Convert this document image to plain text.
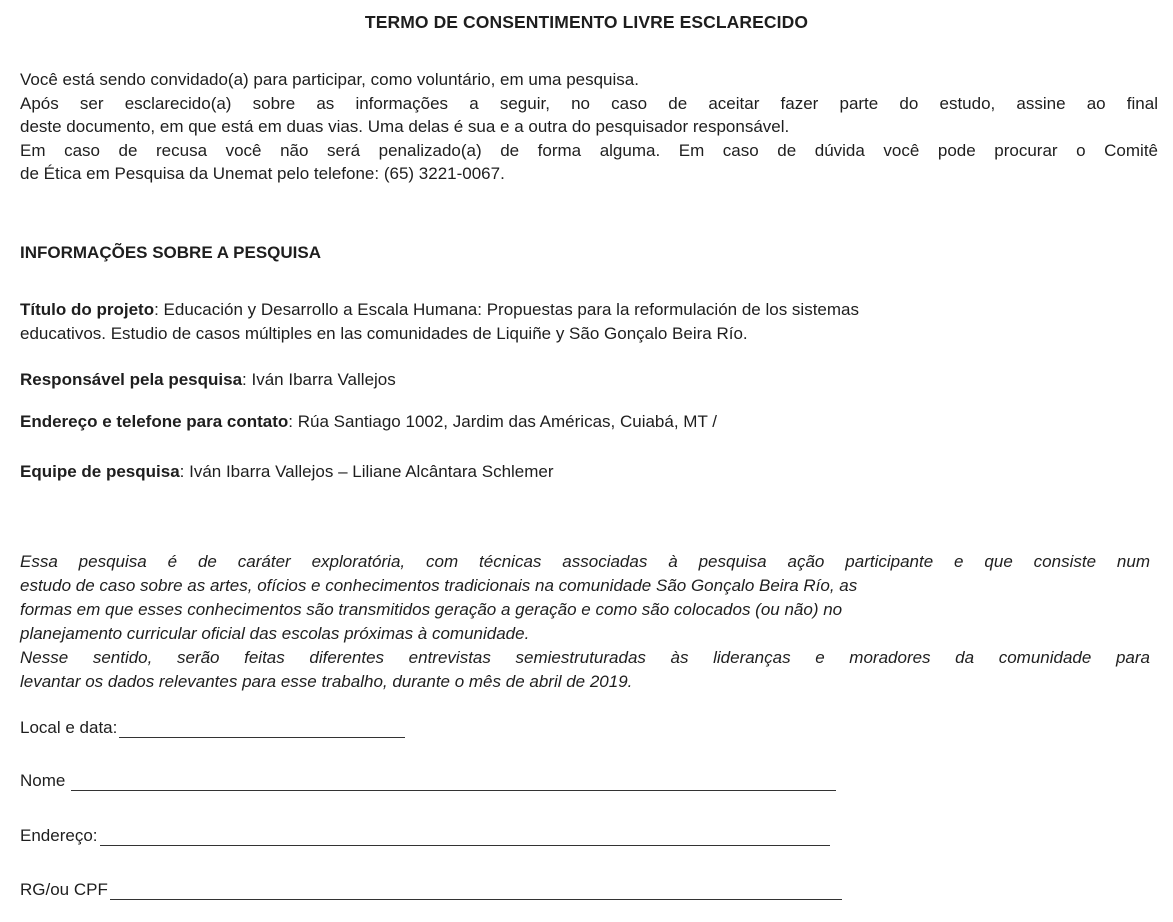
TERMO DE CONSENTIMENTO LIVRE ESCLARECIDO
Você está sendo convidado(a) para participar, como voluntário, em uma pesquisa.
Após ser esclarecido(a) sobre as informações a seguir, no caso de aceitar fazer parte do estudo, assine ao final
deste documento, em que está em duas vias. Uma delas é sua e a outra do pesquisador responsável.
Em caso de recusa você não será penalizado(a) de forma alguma. Em caso de dúvida você pode procurar o Comitê
de Ética em Pesquisa da Unemat pelo telefone: (65) 3221-0067.
INFORMAÇÕES SOBRE A PESQUISA
Título do projeto: Educación y Desarrollo a Escala Humana: Propuestas para la reformulación de los sistemas
educativos. Estudio de casos múltiples en las comunidades de Liquiñe y São Gonçalo Beira Río.
Responsável pela pesquisa: Iván Ibarra Vallejos
Endereço e telefone para contato: Rúa Santiago 1002, Jardim das Américas, Cuiabá, MT /
Equipe de pesquisa: Iván Ibarra Vallejos – Liliane Alcântara Schlemer
Essa pesquisa é de caráter exploratória, com técnicas associadas à pesquisa ação participante e que consiste num
estudo de caso sobre as artes, ofícios e conhecimentos tradicionais na comunidade São Gonçalo Beira Río, as
formas em que esses conhecimentos são transmitidos geração a geração e como são colocados (ou não) no
planejamento curricular oficial das escolas próximas à comunidade.
Nesse sentido, serão feitas diferentes entrevistas semiestruturadas às lideranças e moradores da comunidade para
levantar os dados relevantes para esse trabalho, durante o mês de abril de 2019.
Local e data:
Nome
Endereço:
RG/ou CPF
